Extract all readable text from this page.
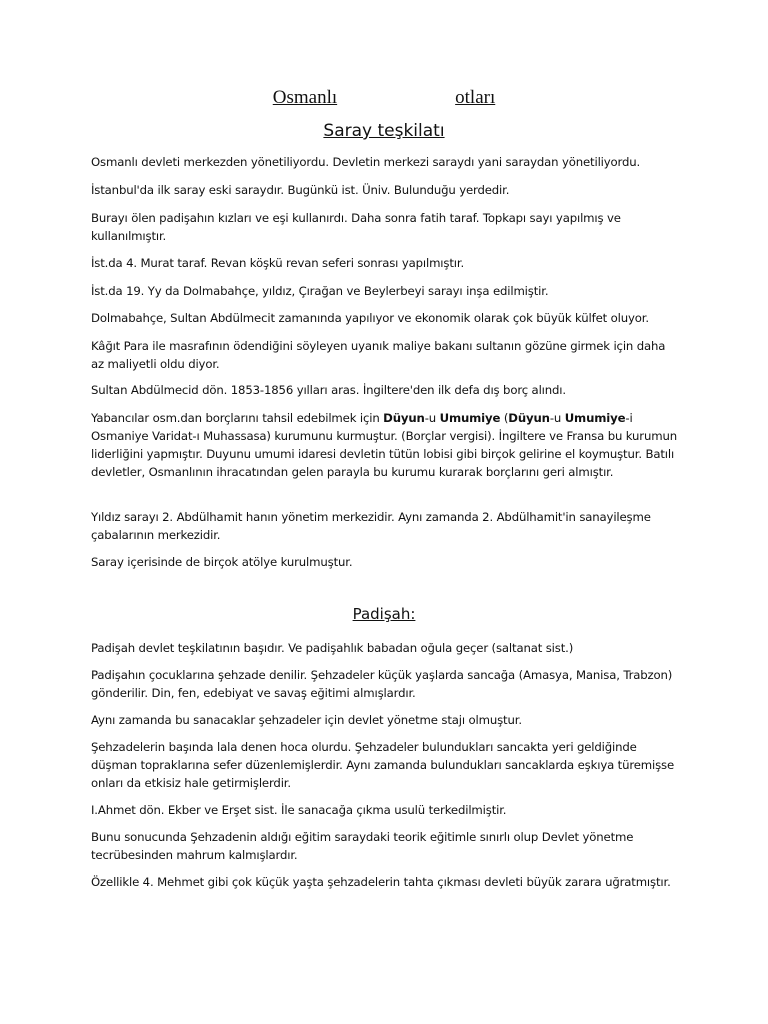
Osmanlı	otları
Saray teşkilatı
Osmanlı devleti merkezden yönetiliyordu. Devletin merkezi saraydı yani saraydan yönetiliyordu.
İstanbul'da ilk saray eski saraydır. Bugünkü ist. Üniv. Bulunduğu yerdedir.
Burayı ölen padişahın kızları ve eşi kullanırdı. Daha sonra fatih taraf. Topkapı sayı yapılmış ve kullanılmıştır.
İst.da 4. Murat taraf. Revan köşkü revan seferi sonrası yapılmıştır.
İst.da 19. Yy da Dolmabahçe, yıldız, Çırağan ve Beylerbeyi sarayı inşa edilmiştir.
Dolmabahçe, Sultan Abdülmecit zamanında yapılıyor ve ekonomik olarak çok büyük külfet oluyor.
Kâğıt Para ile masrafının ödendiğini söyleyen uyanık maliye bakanı sultanın gözüne girmek için daha az maliyetli oldu diyor.
Sultan Abdülmecid dön. 1853-1856 yılları aras. İngiltere'den ilk defa dış borç alındı.
Yabancılar osm.dan borçlarını tahsil edebilmek için Düyun-u Umumiye (Düyun-u Umumiye-i Osmaniye Varidat-ı Muhassasa) kurumunu kurmuştur. (Borçlar vergisi). İngiltere ve Fransa bu kurumun liderliğini yapmıştır. Duyunu umumi idaresi devletin tütün lobisi gibi birçok gelirine el koymuştur. Batılı devletler, Osmanlının ihracatından gelen parayla bu kurumu kurarak borçlarını geri almıştır.
Yıldız sarayı 2. Abdülhamit hanın yönetim merkezidir. Aynı zamanda 2. Abdülhamit'in sanayileşme çabalarının merkezidir.
Saray içerisinde de birçok atölye kurulmuştur.
Padişah:
Padişah devlet teşkilatının başıdır. Ve padişahlık babadan oğula geçer (saltanat sist.)
Padişahın çocuklarına şehzade denilir. Şehzadeler küçük yaşlarda sancağa (Amasya, Manisa, Trabzon) gönderilir. Din, fen, edebiyat ve savaş eğitimi almışlardır.
Aynı zamanda bu sanacaklar şehzadeler için devlet yönetme stajı olmuştur.
Şehzadelerin başında lala denen hoca olurdu. Şehzadeler bulundukları sancakta yeri geldiğinde düşman topraklarına sefer düzenlemişlerdir. Aynı zamanda bulundukları sancaklarda eşkıya türemişse onları da etkisiz hale getirmişlerdir.
I.Ahmet dön. Ekber ve Erşet sist. İle sanacağa çıkma usulü terkedilmiştir.
Bunu sonucunda Şehzadenin aldığı eğitim saraydaki teorik eğitimle sınırlı olup Devlet yönetme tecrübesinden mahrum kalmışlardır.
Özellikle 4. Mehmet gibi çok küçük yaşta şehzadelerin tahta çıkması devleti büyük zarara uğratmıştır.
